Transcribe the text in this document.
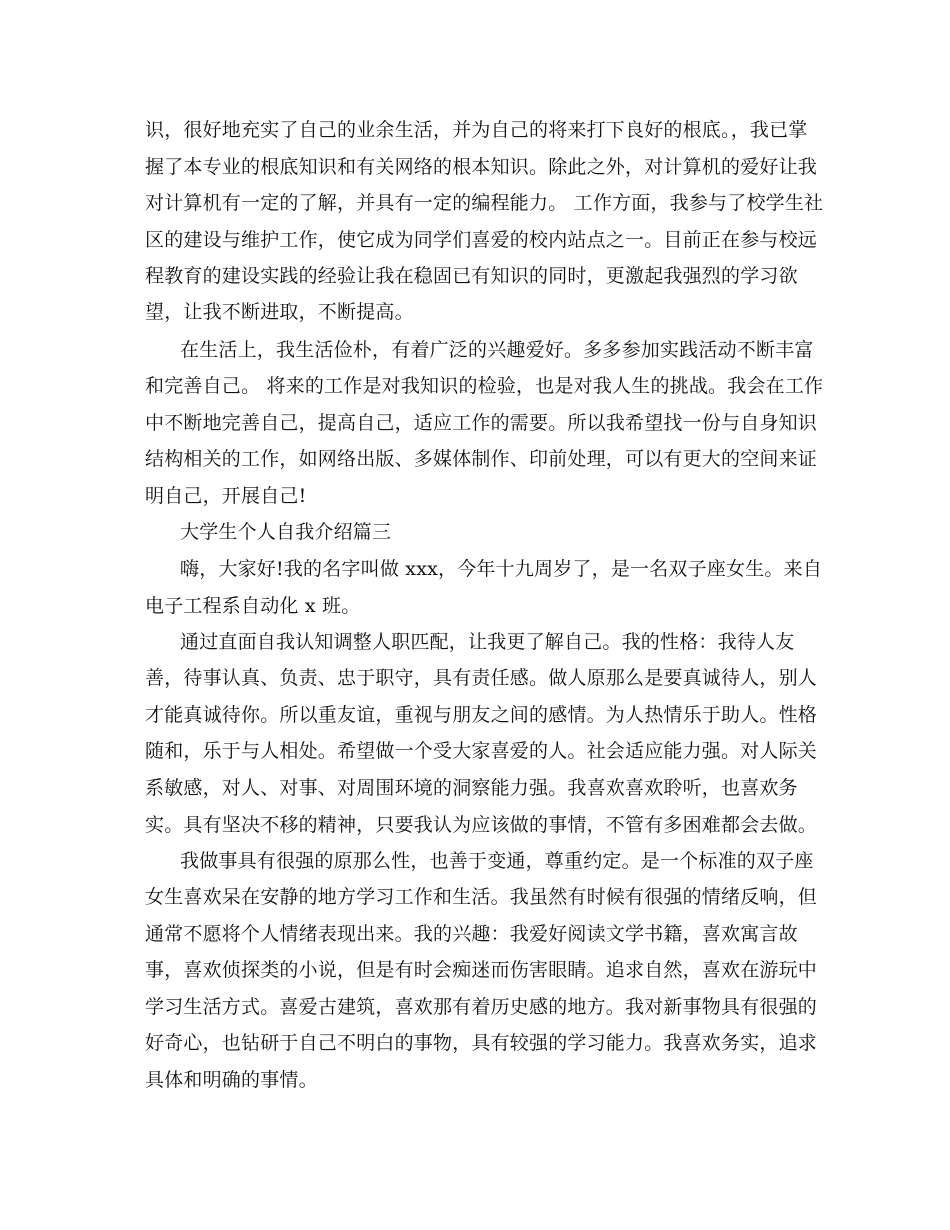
识，很好地充实了自己的业余生活，并为自己的将来打下良好的根底。，我已掌
握了本专业的根底知识和有关网络的根本知识。除此之外，对计算机的爱好让我
对计算机有一定的了解，并具有一定的编程能力。 工作方面，我参与了校学生社
区的建设与维护工作，使它成为同学们喜爱的校内站点之一。目前正在参与校远
程教育的建设实践的经验让我在稳固已有知识的同时，更激起我强烈的学习欲
望，让我不断进取，不断提高。
在生活上，我生活俭朴，有着广泛的兴趣爱好。多多参加实践活动不断丰富
和完善自己。 将来的工作是对我知识的检验，也是对我人生的挑战。我会在工作
中不断地完善自己，提高自己，适应工作的需要。所以我希望找一份与自身知识
结构相关的工作，如网络出版、多媒体制作、印前处理，可以有更大的空间来证
明自己，开展自己!
大学生个人自我介绍篇三
嗨，大家好!我的名字叫做 xxx，今年十九周岁了，是一名双子座女生。来自
电子工程系自动化 x 班。
通过直面自我认知调整人职匹配，让我更了解自己。我的性格：我待人友
善，待事认真、负责、忠于职守，具有责任感。做人原那么是要真诚待人，别人
才能真诚待你。所以重友谊，重视与朋友之间的感情。为人热情乐于助人。性格
随和，乐于与人相处。希望做一个受大家喜爱的人。社会适应能力强。对人际关
系敏感，对人、对事、对周围环境的洞察能力强。我喜欢喜欢聆听，也喜欢务
实。具有坚决不移的精神，只要我认为应该做的事情，不管有多困难都会去做。
我做事具有很强的原那么性，也善于变通，尊重约定。是一个标准的双子座
女生喜欢呆在安静的地方学习工作和生活。我虽然有时候有很强的情绪反响，但
通常不愿将个人情绪表现出来。我的兴趣：我爱好阅读文学书籍，喜欢寓言故
事，喜欢侦探类的小说，但是有时会痴迷而伤害眼睛。追求自然，喜欢在游玩中
学习生活方式。喜爱古建筑，喜欢那有着历史感的地方。我对新事物具有很强的
好奇心，也钻研于自己不明白的事物，具有较强的学习能力。我喜欢务实，追求
具体和明确的事情。
